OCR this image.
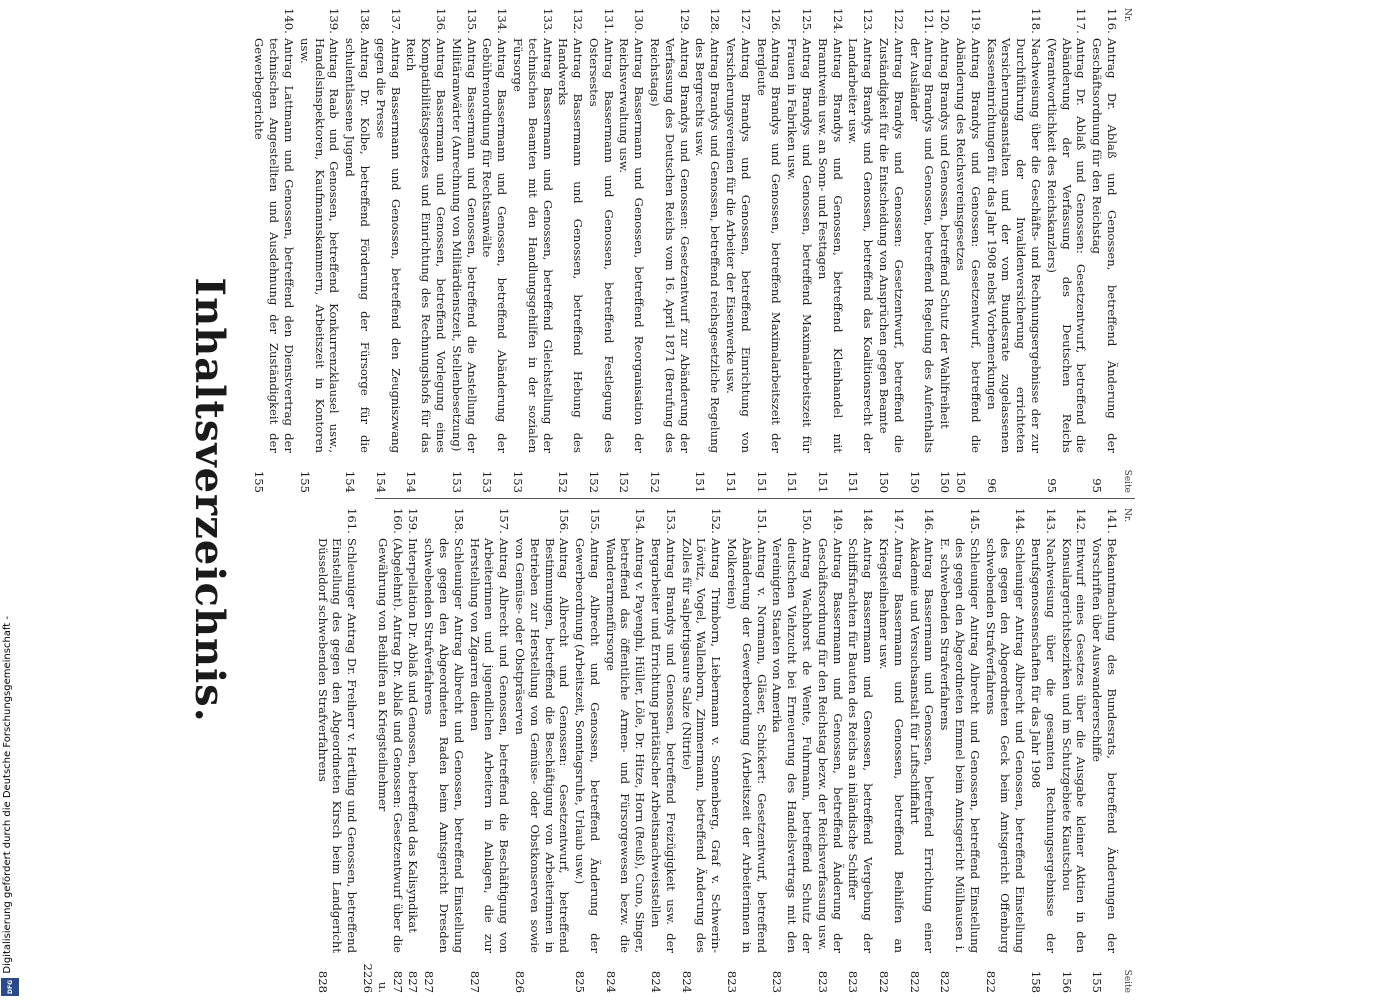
Inhaltsverzeichnis.
Nr.
Seite
116.
Antrag Dr. Ablaß und Genossen, betreffend Änderung der Geschäftsordnung für den Reichstag
95
117.
Antrag Dr. Ablaß und Genossen: Gesetzentwurf, betreffend die Abänderung der Verfassung des Deutschen Reichs (Verantwortlichkeit des Reichskanzlers)
95
118.
Nachweisung über die Geschäfts- und Rechnungsergebnisse der zur Durchführung der Invalidenversicherung errichteten Versicherungsanstalten und der vom Bundesrate zugelassenen Kasseneinrichtungen für das Jahr 1908 nebst Vorbemerkungen
96
119.
Antrag Brandys und Genossen: Gesetzentwurf, betreffend die Abänderung des Reichsvereinsgesetzes
150
120.
Antrag Brandys und Genossen, betreffend Schutz der Wahlfreiheit
150
121.
Antrag Brandys und Genossen, betreffend Regelung des Aufenthalts der Ausländer
150
122.
Antrag Brandys und Genossen: Gesetzentwurf, betreffend die Zuständigkeit für die Entscheidung von Ansprüchen gegen Beamte
150
123.
Antrag Brandys und Genossen, betreffend das Koalitionsrecht der Landarbeiter usw.
151
124.
Antrag Brandys und Genossen, betreffend Kleinhandel mit Branntwein usw. an Sonn- und Festtagen
151
125.
Antrag Brandys und Genossen, betreffend Maximalarbeitszeit für Frauen in Fabriken usw.
151
126.
Antrag Brandys und Genossen, betreffend Maximalarbeitszeit der Bergleute
151
127.
Antrag Brandys und Genossen, betreffend Einrichtung von Versicherungsvereinen für die Arbeiter der Eisenwerke usw.
151
128.
Antrag Brandys und Genossen, betreffend reichsgesetzliche Regelung des Bergrechts usw.
151
129.
Antrag Brandys und Genossen: Gesetzentwurf zur Abänderung der Verfassung des Deutschen Reichs vom 16. April 1871 (Berufung des Reichstags)
152
130.
Antrag Bassermann und Genossen, betreffend Reorganisation der Reichsverwaltung usw.
152
131.
Antrag Bassermann und Genossen, betreffend Festlegung des Ostersestes
152
132.
Antrag Bassermann und Genossen, betreffend Hebung des Handwerks
152
133.
Antrag Bassermann und Genossen, betreffend Gleichstellung der technischen Beamten mit den Handlungsgehilfen in der sozialen Fürsorge
153
134.
Antrag Bassermann und Genossen, betreffend Abänderung der Gebührenordnung für Rechtsanwälte
153
135.
Antrag Bassermann und Genossen, betreffend die Anstellung der Militäranwärter (Anrechnung von Militärdienstzeit, Stellenbesetzung)
153
136.
Antrag Bassermann und Genossen, betreffend Vorlegung eines Kompatibilitätsgesetzes und Einrichtung des Rechnungshofs für das Reich
154
137.
Antrag Bassermann und Genossen, betreffend den Zeugniszwang gegen die Presse
154
138.
Antrag Dr. Kolbe, betreffend Förderung der Fürsorge für die schulentlassene Jugend
154
139.
Antrag Raab und Genossen, betreffend Konkurrenzklausel usw., Handelsinspektoren, Kaufmannskammern, Arbeitszeit in Kontoren usw.
155
140.
Antrag Lattmann und Genossen, betreffend den Dienstvertrag der technischen Angestellten und Ausdehnung der Zuständigkeit der Gewerbegerichte
155
Nr.
Seite
141.
Bekanntmachung des Bundesrats, betreffend Änderungen der Vorschriften über Auswandererschiffe
155
142.
Entwurf eines Gesetzes über die Ausgabe kleiner Aktien in den Konsulargerichtsbezirken und im Schutzgebiete Kiautschou
156
143.
Nachweisung über die gesamten Rechnungsergebnisse der Berufsgenossenschaften für das Jahr 1908
158
144.
Schleuniger Antrag Albrecht und Genossen, betreffend Einstellung des gegen den Abgeordneten Geck beim Amtsgericht Offenburg schwebenden Strafverfahrens
822
145.
Schleuniger Antrag Albrecht und Genossen, betreffend Einstellung des gegen den Abgeordneten Emmel beim Amtsgericht Mülhausen i. E. schwebenden Strafverfahrens
822
146.
Antrag Bassermann und Genossen, betreffend Errichtung einer Akademie und Versuchsanstalt für Luftschiffahrt
822
147.
Antrag Bassermann und Genossen, betreffend Beihilfen an Kriegsteilnehmer usw.
822
148.
Antrag Bassermann und Genossen, betreffend Vergebung der Schiffsfrachten für Bauten des Reichs an inländische Schiffer
823
149.
Antrag Bassermann und Genossen, betreffend Änderung der Geschäftsordnung für den Reichstag bezw. der Reichsverfassung usw.
823
150.
Antrag Wachhorst de Wente, Fuhrmann, betreffend Schutz der deutschen Viehzucht bei Erneuerung des Handelsvertrags mit den Vereinigten Staaten von Amerika
823
151.
Antrag v. Normann, Gläser, Schickert: Gesetzentwurf, betreffend Abänderung der Gewerbeordnung (Arbeitszeit der Arbeiterinnen in Molkereien)
823
152.
Antrag Trimborn, Liebermann v. Sonnenberg, Graf v. Schwerin-Löwitz, Vogel, Wallenborn, Zimmermann, betreffend Änderung des Zolles für salpetrigsaure Salze (Nitrite)
824
153.
Antrag Brandys und Genossen, betreffend Freizügigkeit usw. der Bergarbeiter und Errichtung paritätischer Arbeitsnachweisstellen
824
154.
Antrag v. Payenghi, Hüller, Löle, Dr. Hitze, Horn (Reuß), Cuno, Singer, betreffend das öffentliche Armen- und Fürsorgewesen bezw. die Wanderarmenfürsorge
824
155.
Antrag Albrecht und Genossen, betreffend Änderung der Gewerbeordnung (Arbeitszeit, Sonntagsruhe, Urlaub usw.)
825
156.
Antrag Albrecht und Genossen: Gesetzentwurf, betreffend Bestimmungen, betreffend die Beschäftigung von Arbeiterinnen in Betrieben zur Herstellung von Gemüse- oder Obstkonserven sowie von Gemüse- oder Obstpräserven
826
157.
Antrag Albrecht und Genossen, betreffend die Beschäftigung von Arbeiterinnen und jugendlichen Arbeitern in Anlagen, die zur Herstellung von Zigarren dienen
827
158.
Schleuniger Antrag Albrecht und Genossen, betreffend Einstellung des gegen den Abgeordneten Raden beim Amtsgericht Dresden schwebenden Strafverfahrens
827
159.
Interpellation Dr. Ablaß und Genossen, betreffend das Kalisyndikat
827
160.
(Abgelehnt). Antrag Dr. Ablaß und Genossen: Gesetzentwurf über die Gewährung von Beihilfen an Kriegsteilnehmer
827 u. 2226
161.
Schleuniger Antrag Dr. Freiherr v. Hertling und Genossen, betreffend Einstellung des gegen den Abgeordneten Kirsch beim Landgericht Düsseldorf schwebenden Strafverfahrens
828
Digitalisierung gefördert durch die Deutsche Forschungsgemeinschaft -
DFG
